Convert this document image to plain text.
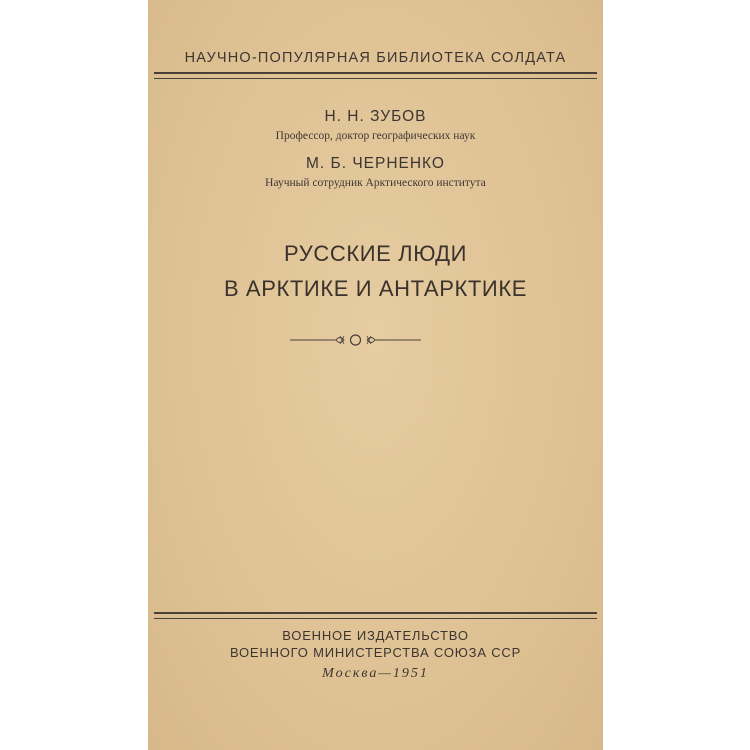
НАУЧНО-ПОПУЛЯРНАЯ БИБЛИОТЕКА СОЛДАТА
Н. Н. ЗУБОВ
Профессор, доктор географических наук
М. Б. ЧЕРНЕНКО
Научный сотрудник Арктического института
РУССКИЕ ЛЮДИ
В АРКТИКЕ И АНТАРКТИКЕ
ВОЕННОЕ ИЗДАТЕЛЬСТВО
ВОЕННОГО МИНИСТЕРСТВА СОЮЗА ССР
Москва—1951
